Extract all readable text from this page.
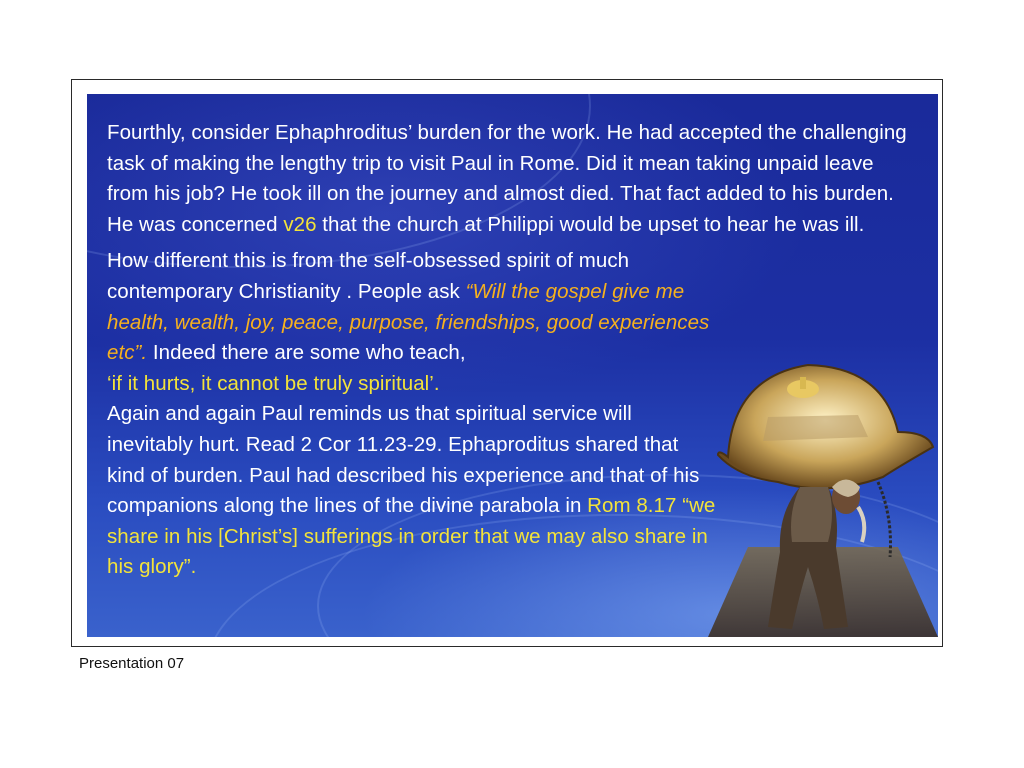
Fourthly, consider Ephaphroditus’ burden for the work. He had accepted the challenging task of making the lengthy trip to visit Paul in Rome. Did it mean taking unpaid leave from his job? He took ill on the journey and almost died. That fact added to his burden. He was concerned v26 that the church at Philippi would be upset to hear he was ill.

How different this is from the self-obsessed spirit of much contemporary Christianity . People ask “Will the gospel give me health, wealth, joy, peace, purpose, friendships, good experiences etc”. Indeed there are some who teach,
‘if it hurts, it cannot be truly spiritual’.
Again and again Paul reminds us that spiritual service will inevitably hurt. Read 2 Cor 11.23-29. Ephaproditus shared that kind of burden. Paul had described his experience and that of his companions along the lines of the divine parabola in Rom 8.17 “we share in his [Christ’s] sufferings in order that we may also share in his glory”.

Presentation 07
